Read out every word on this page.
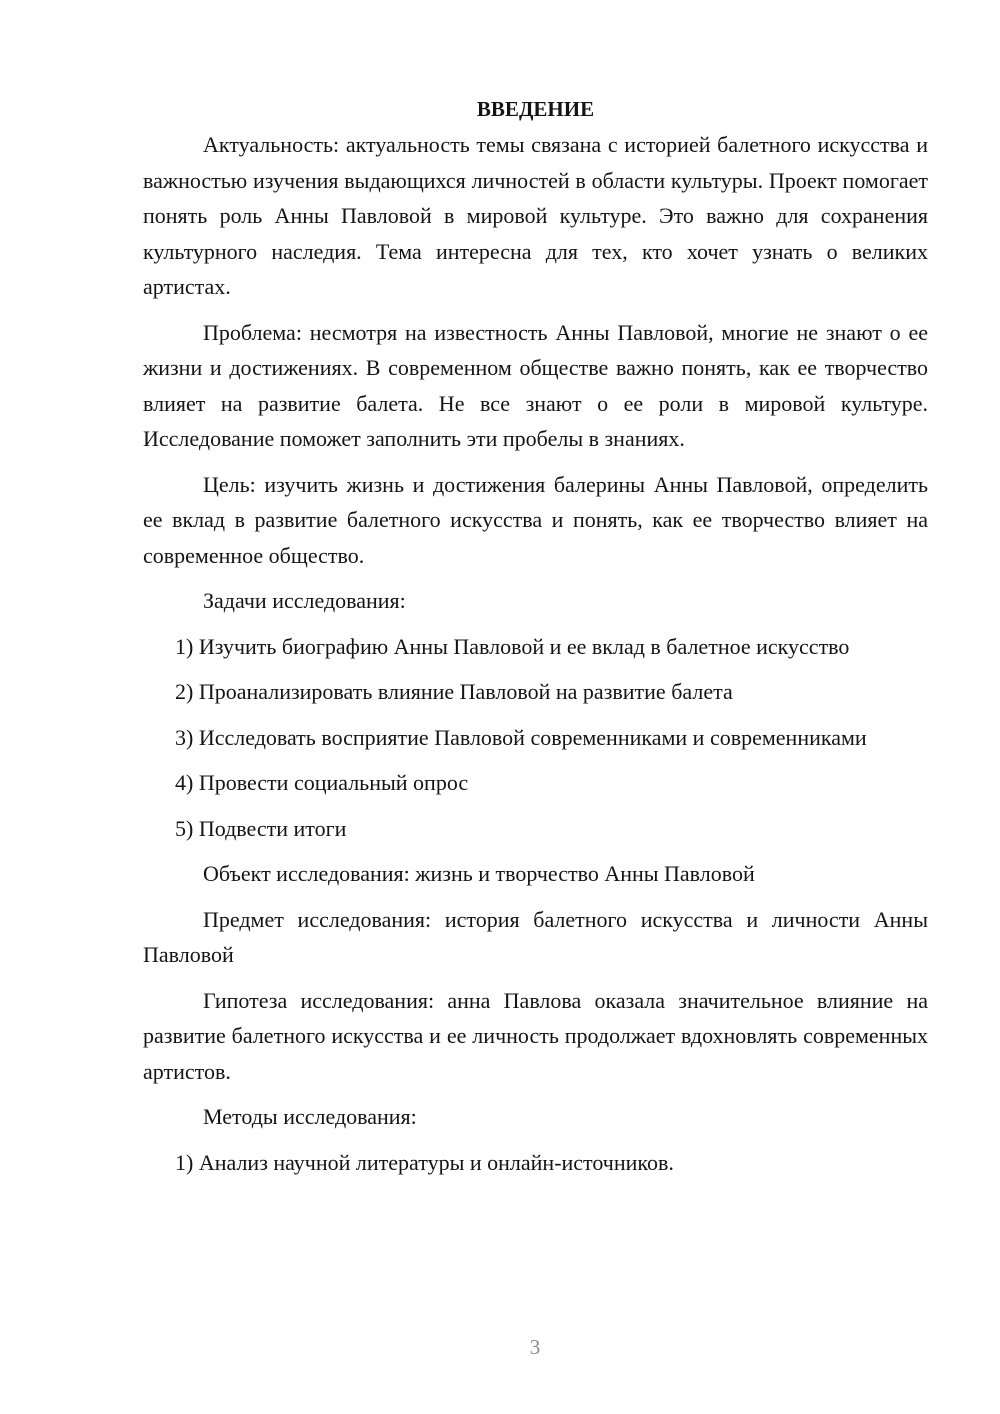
ВВЕДЕНИЕ

Актуальность: актуальность темы связана с историей балетного искусства и важностью изучения выдающихся личностей в области культуры. Проект помогает понять роль Анны Павловой в мировой культуре. Это важно для сохранения культурного наследия. Тема интересна для тех, кто хочет узнать о великих артистах.

Проблема: несмотря на известность Анны Павловой, многие не знают о ее жизни и достижениях. В современном обществе важно понять, как ее творчество влияет на развитие балета. Не все знают о ее роли в мировой культуре. Исследование поможет заполнить эти пробелы в знаниях.

Цель: изучить жизнь и достижения балерины Анны Павловой, определить ее вклад в развитие балетного искусства и понять, как ее творчество влияет на современное общество.

Задачи исследования:

1) Изучить биографию Анны Павловой и ее вклад в балетное искусство

2) Проанализировать влияние Павловой на развитие балета

3) Исследовать восприятие Павловой современниками и современниками

4) Провести социальный опрос

5) Подвести итоги

Объект исследования: жизнь и творчество Анны Павловой

Предмет исследования: история балетного искусства и личности Анны Павловой

Гипотеза исследования: анна Павлова оказала значительное влияние на развитие балетного искусства и ее личность продолжает вдохновлять современных артистов.

Методы исследования:

1) Анализ научной литературы и онлайн-источников.

3
